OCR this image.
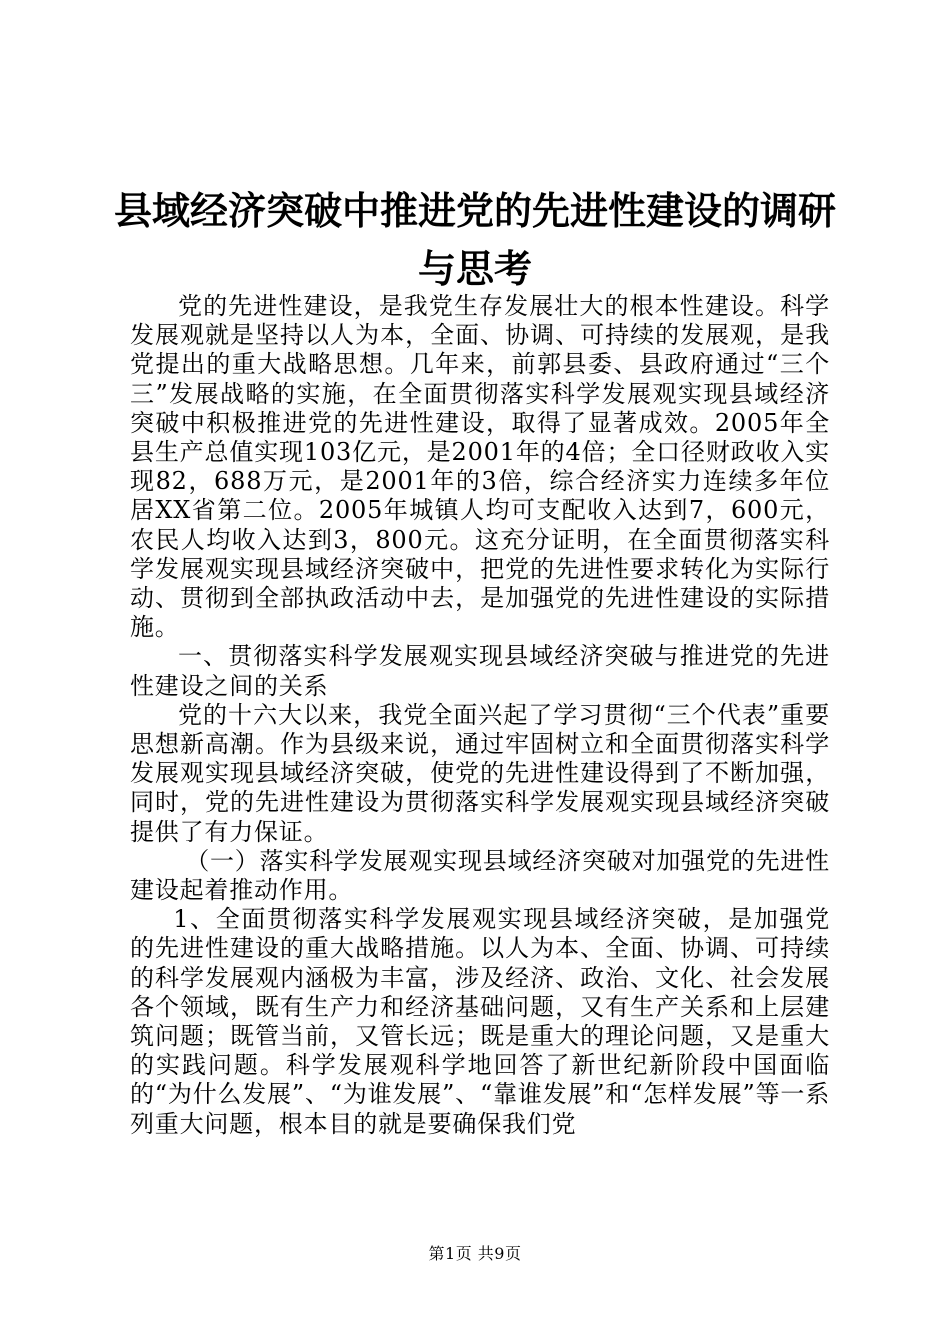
县域经济突破中推进党的先进性建设的调研与思考

党的先进性建设，是我党生存发展壮大的根本性建设。科学发展观就是坚持以人为本，全面、协调、可持续的发展观，是我党提出的重大战略思想。几年来，前郭县委、县政府通过“三个三”发展战略的实施，在全面贯彻落实科学发展观实现县域经济突破中积极推进党的先进性建设，取得了显著成效。2005年全县生产总值实现103亿元，是2001年的4倍；全口径财政收入实现82，688万元，是2001年的3倍，综合经济实力连续多年位居XX省第二位。2005年城镇人均可支配收入达到7，600元，农民人均收入达到3，800元。这充分证明，在全面贯彻落实科学发展观实现县域经济突破中，把党的先进性要求转化为实际行动、贯彻到全部执政活动中去，是加强党的先进性建设的实际措施。

一、贯彻落实科学发展观实现县域经济突破与推进党的先进性建设之间的关系

党的十六大以来，我党全面兴起了学习贯彻“三个代表”重要思想新高潮。作为县级来说，通过牢固树立和全面贯彻落实科学发展观实现县域经济突破，使党的先进性建设得到了不断加强，同时，党的先进性建设为贯彻落实科学发展观实现县域经济突破提供了有力保证。

（一）落实科学发展观实现县域经济突破对加强党的先进性建设起着推动作用。

1、全面贯彻落实科学发展观实现县域经济突破，是加强党的先进性建设的重大战略措施。以人为本、全面、协调、可持续的科学发展观内涵极为丰富，涉及经济、政治、文化、社会发展各个领域，既有生产力和经济基础问题，又有生产关系和上层建筑问题；既管当前，又管长远；既是重大的理论问题，又是重大的实践问题。科学发展观科学地回答了新世纪新阶段中国面临的“为什么发展”、“为谁发展”、“靠谁发展”和“怎样发展”等一系列重大问题，根本目的就是要确保我们党

第1页 共9页
